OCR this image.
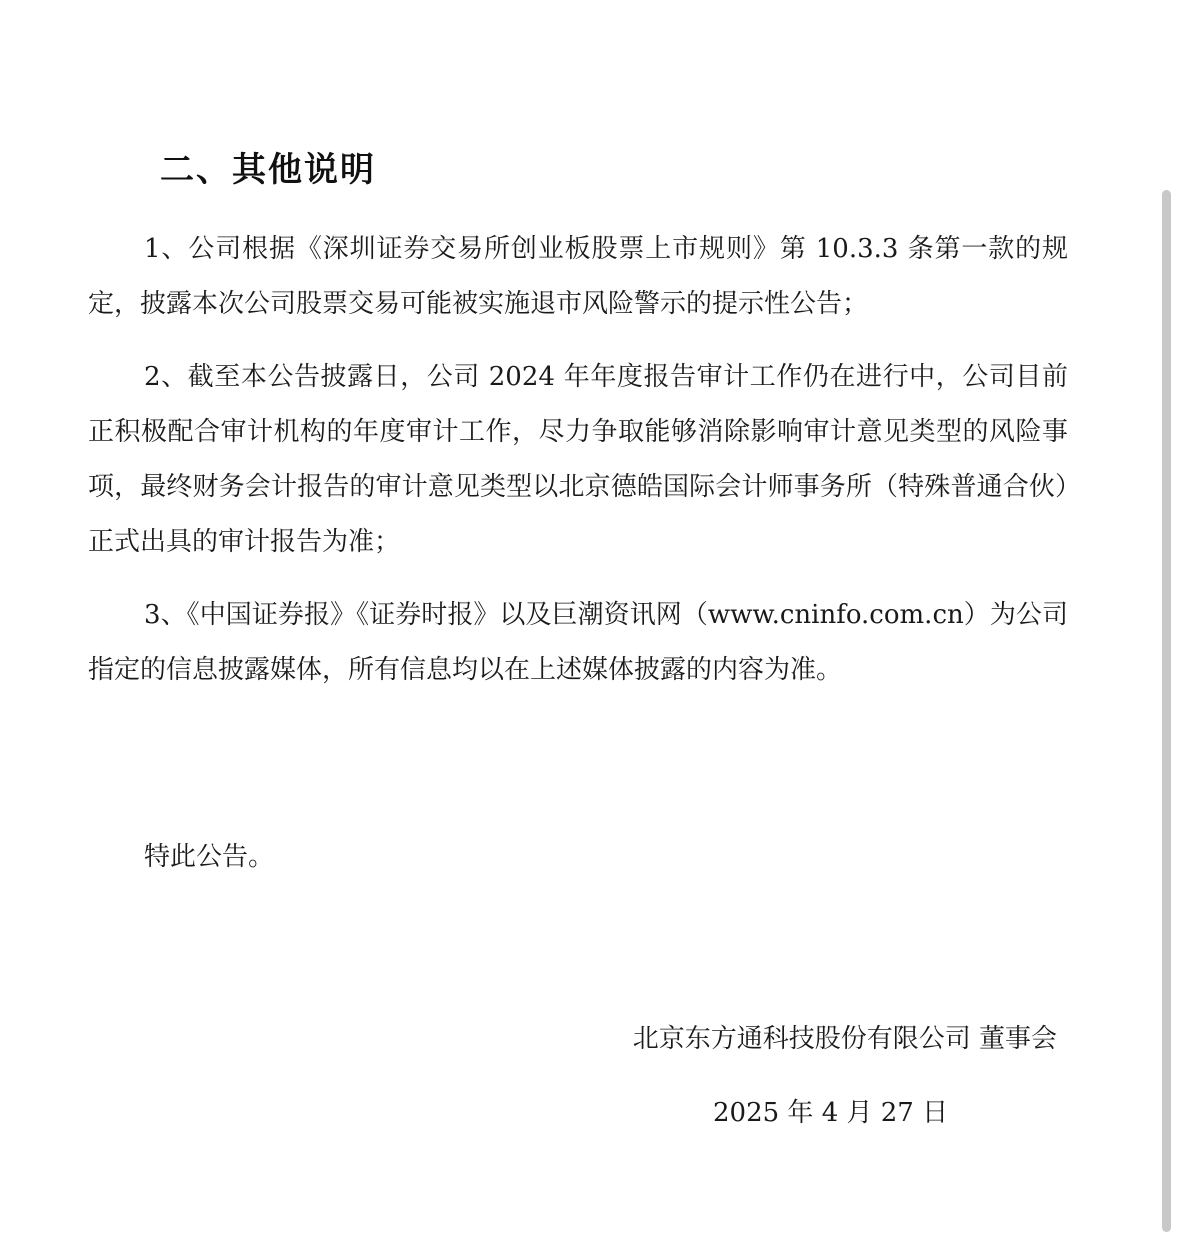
二、其他说明

1、公司根据《深圳证券交易所创业板股票上市规则》第 10.3.3 条第一款的规定，披露本次公司股票交易可能被实施退市风险警示的提示性公告；

2、截至本公告披露日，公司 2024 年年度报告审计工作仍在进行中，公司目前正积极配合审计机构的年度审计工作，尽力争取能够消除影响审计意见类型的风险事项，最终财务会计报告的审计意见类型以北京德皓国际会计师事务所（特殊普通合伙）正式出具的审计报告为准；

3、《中国证券报》《证券时报》以及巨潮资讯网（www.cninfo.com.cn）为公司指定的信息披露媒体，所有信息均以在上述媒体披露的内容为准。

特此公告。

北京东方通科技股份有限公司 董事会

2025 年 4 月 27 日
